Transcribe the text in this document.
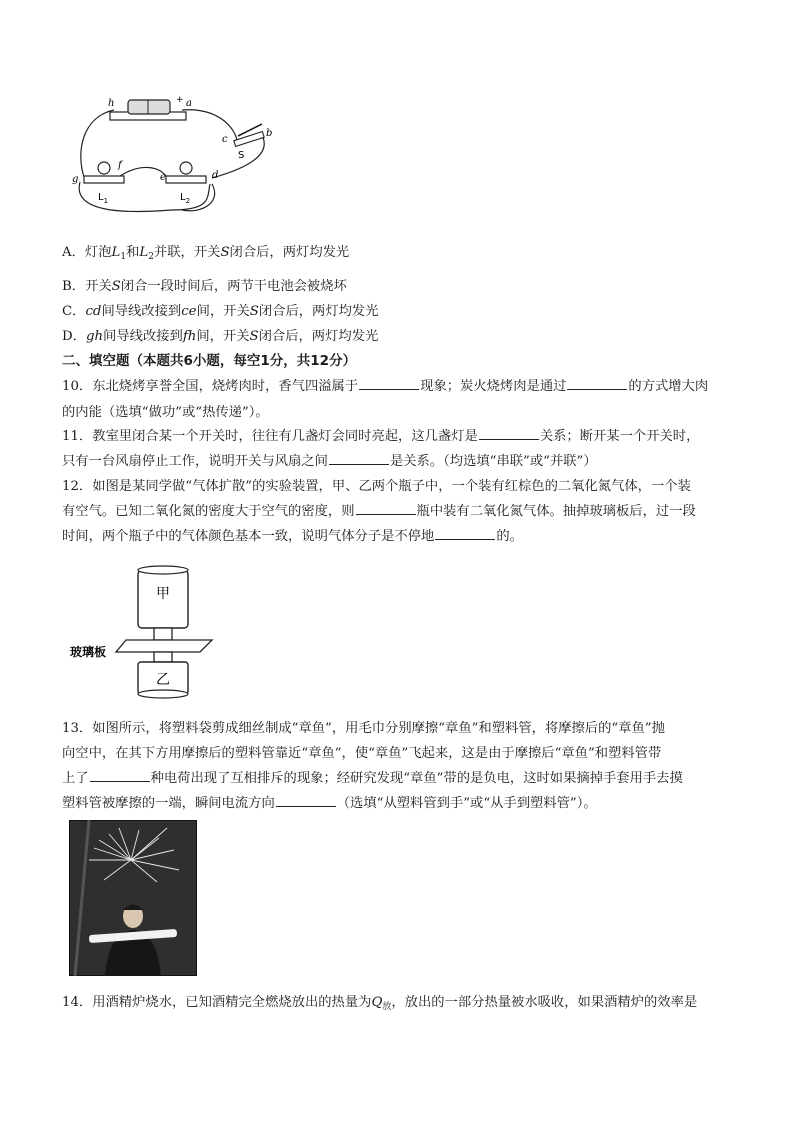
h	+ a
b
c
S
d
e
f
g
$L_1$	$L_2$
A．灯泡$L_1$和$L_2$并联，开关S闭合后，两灯均发光
B．开关S闭合一段时间后，两节干电池会被烧坏
C．cd间导线改接到ce间，开关S闭合后，两灯均发光
D．gh间导线改接到fh间，开关S闭合后，两灯均发光
二、填空题（本题共6小题，每空1分，共12分）
10．东北烧烤享誉全国，烧烤肉时，香气四溢属于	现象；炭火烧烤肉是通过	的方式增大肉
的内能（选填“做功”或“热传递”）。
11．教室里闭合某一个开关时，往往有几盏灯会同时亮起，这几盏灯是	关系；断开某一个开关时，
只有一台风扇停止工作，说明开关与风扇之间	是关系。（均选填“串联”或“并联”）
12．如图是某同学做“气体扩散”的实验装置，甲、乙两个瓶子中，一个装有红棕色的二氧化氮气体，一个装
有空气。已知二氧化氮的密度大于空气的密度，则	瓶中装有二氧化氮气体。抽掉玻璃板后，过一段
时间，两个瓶子中的气体颜色基本一致，说明气体分子是不停地	的。
甲
乙
玻璃板
13．如图所示，将塑料袋剪成细丝制成“章鱼”，用毛巾分别摩擦“章鱼”和塑料管，将摩擦后的“章鱼”抛
向空中，在其下方用摩擦后的塑料管靠近“章鱼”，使“章鱼”飞起来，这是由于摩擦后“章鱼”和塑料管带
上了	种电荷出现了互相排斥的现象；经研究发现“章鱼”带的是负电，这时如果摘掉手套用手去摸
塑料管被摩擦的一端，瞬间电流方向	（选填“从塑料管到手”或“从手到塑料管”）。
14．用酒精炉烧水，已知酒精完全燃烧放出的热量为$Q_放$，放出的一部分热量被水吸收，如果酒精炉的效率是
